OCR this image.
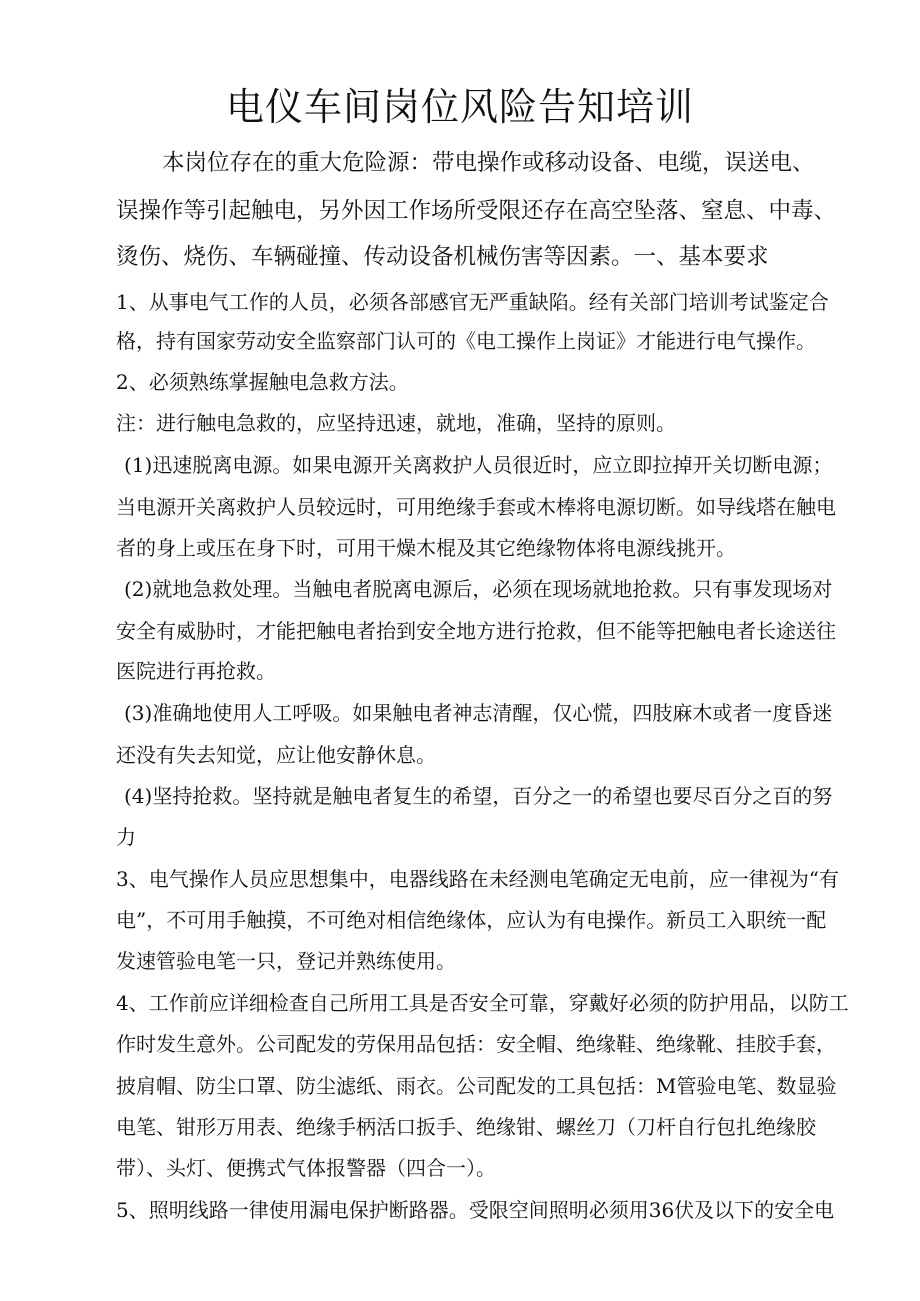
电仪车间岗位风险告知培训
本岗位存在的重大危险源：带电操作或移动设备、电缆，误送电、
误操作等引起触电，另外因工作场所受限还存在高空坠落、窒息、中毒、
烫伤、烧伤、车辆碰撞、传动设备机械伤害等因素。一、基本要求
1、从事电气工作的人员，必须各部感官无严重缺陷。经有关部门培训考试鉴定合
格，持有国家劳动安全监察部门认可的《电工操作上岗证》才能进行电气操作。
2、必须熟练掌握触电急救方法。
注：进行触电急救的，应坚持迅速，就地，准确，坚持的原则。
(1)迅速脱离电源。如果电源开关离救护人员很近时，应立即拉掉开关切断电源；
当电源开关离救护人员较远时，可用绝缘手套或木棒将电源切断。如导线塔在触电
者的身上或压在身下时，可用干燥木棍及其它绝缘物体将电源线挑开。
(2)就地急救处理。当触电者脱离电源后，必须在现场就地抢救。只有事发现场对
安全有威胁时，才能把触电者抬到安全地方进行抢救，但不能等把触电者长途送往
医院进行再抢救。
(3)准确地使用人工呼吸。如果触电者神志清醒，仅心慌，四肢麻木或者一度昏迷
还没有失去知觉，应让他安静休息。
(4)坚持抢救。坚持就是触电者复生的希望，百分之一的希望也要尽百分之百的努
力
3、电气操作人员应思想集中，电器线路在未经测电笔确定无电前，应一律视为“有
电”，不可用手触摸，不可绝对相信绝缘体，应认为有电操作。新员工入职统一配
发速管验电笔一只，登记并熟练使用。
4、工作前应详细检查自己所用工具是否安全可靠，穿戴好必须的防护用品，以防工
作时发生意外。公司配发的劳保用品包括：安全帽、绝缘鞋、绝缘靴、挂胶手套，
披肩帽、防尘口罩、防尘滤纸、雨衣。公司配发的工具包括：M管验电笔、数显验
电笔、钳形万用表、绝缘手柄活口扳手、绝缘钳、螺丝刀（刀杆自行包扎绝缘胶
带）、头灯、便携式气体报警器（四合一）。
5、照明线路一律使用漏电保护断路器。受限空间照明必须用36伏及以下的安全电
